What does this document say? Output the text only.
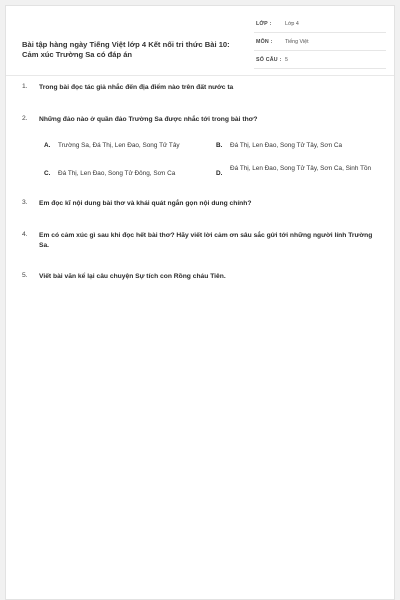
Bài tập hàng ngày Tiếng Việt lớp 4 Kết nối tri thức Bài 10: Cảm xúc Trường Sa có đáp án
LỚP :	Lớp 4
MÔN : Tiếng Việt
SỐ CÂU : 5
1. Trong bài đọc tác giả nhắc đến địa điểm nào trên đất nước ta
2. Những đảo nào ở quần đảo Trường Sa được nhắc tới trong bài thơ?
A. Trường Sa, Đá Thị, Len Đao, Song Tử Tây	B. Đá Thị, Len Đao, Song Tử Tây, Sơn Ca
C. Đá Thị, Len Đao, Song Tử Đông, Sơn Ca	D.
Đá Thị, Len Đao, Song Tử Tây, Sơn Ca, Sinh Tồn
3. Em đọc kĩ nội dung bài thơ và khái quát ngắn gọn nội dung chính?
4. Em có cảm xúc gì sau khi đọc hết bài thơ? Hãy viết lời cảm ơn sâu sắc gửi tới những người lính Trường Sa.
5. Viết bài văn kể lại câu chuyện Sự tích con Rồng cháu Tiên.
